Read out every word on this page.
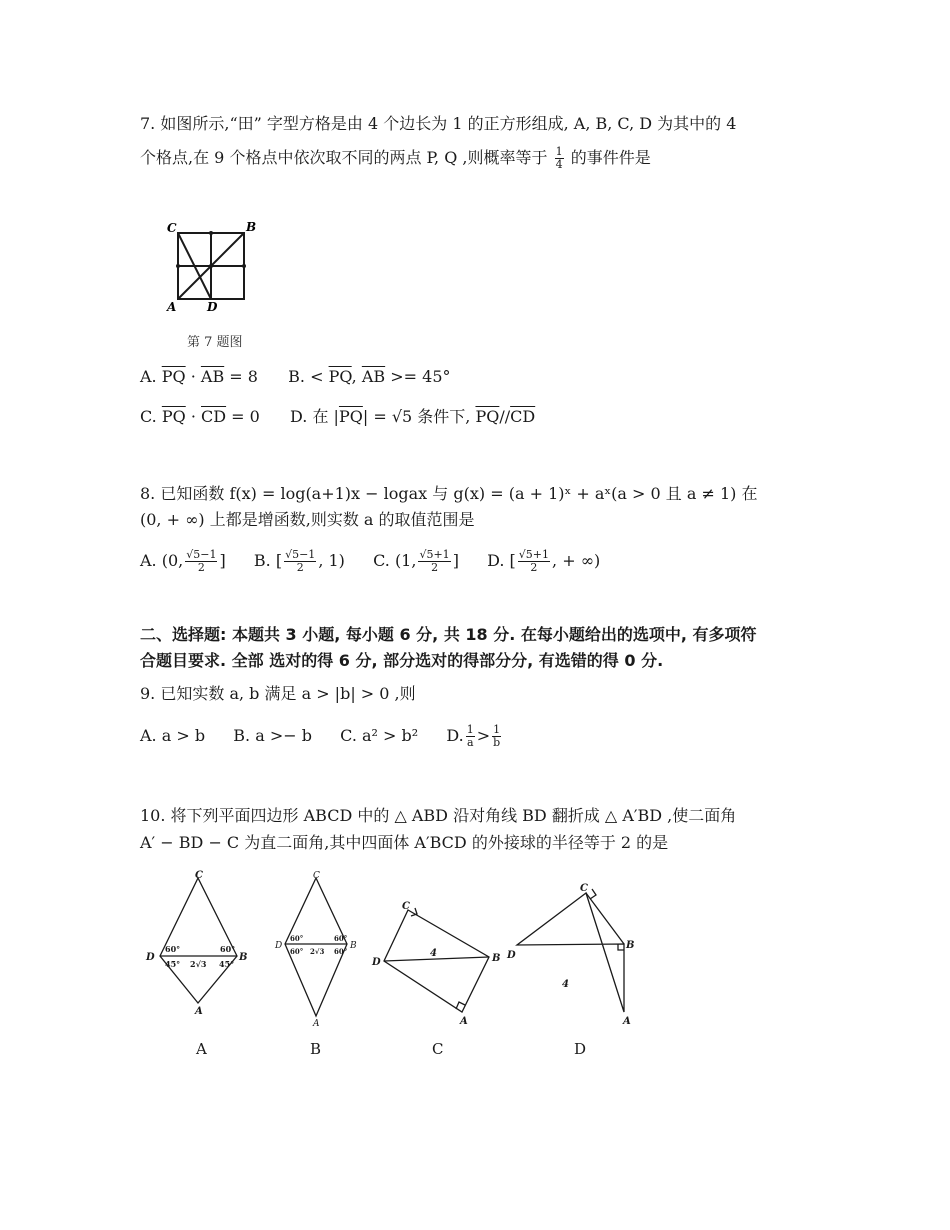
7. 如图所示,“田” 字型方格是由 4 个边长为 1 的正方形组成, A, B, C, D 为其中的 4
个格点,在 9 个格点中依次取不同的两点 P, Q ,则概率等于 $\frac{1}{4}$ 的事件件是
C	B
A	D
第 7 题图
A. $\overline{PQ} \cdot \overline{AB} = 8$ B. < $\overline{PQ}$, $\overline{AB} >= 45^\circ$
C. $\overline{PQ} \cdot \overline{CD} = 0$ D. 在 $|\overline{PQ}| = √5$ 条件下, $\overline{PQ}//\overline{CD}$
8. 已知函数 f(x) = log(a+1)x − logax 与 g(x) = (a + 1)ˣ + aˣ(a > 0 且 a ≠ 1) 在
(0, + ∞) 上都是增函数,则实数 a 的取值范围是
A. (0, $\frac{√5-1}{2}$ ] B. [ $\frac{√5-1}{2}$ , 1) C. (1, $\frac{√5+1}{2}$ ] D. [ $\frac{√5+1}{2}$ , + ∞)
二、选择题: 本题共 3 小题, 每小题 6 分, 共 18 分. 在每小题给出的选项中, 有多项符
合题目要求. 全部 选对的得 6 分, 部分选对的得部分分, 有选错的得 0 分.
9. 已知实数 a, b 满足 a > |b| > 0 ,则
A. a > b B. a >− b C. a² > b² D. $\frac{1}{a} > \frac{1}{b}$
10. 将下列平面四边形 ABCD 中的 △ ABD 沿对角线 BD 翻折成 △ A′BD ,使二面角
A′ − BD − C 为直二面角,其中四面体 A′BCD 的外接球的半径等于 2 的是
C
D	B
A
60°	60°
45°	45°
2√3
C
D	B
A
60°	60°
60°	60°
2√3
C
D	B
A
4
C
D
B
A
4
A	B	C	D
